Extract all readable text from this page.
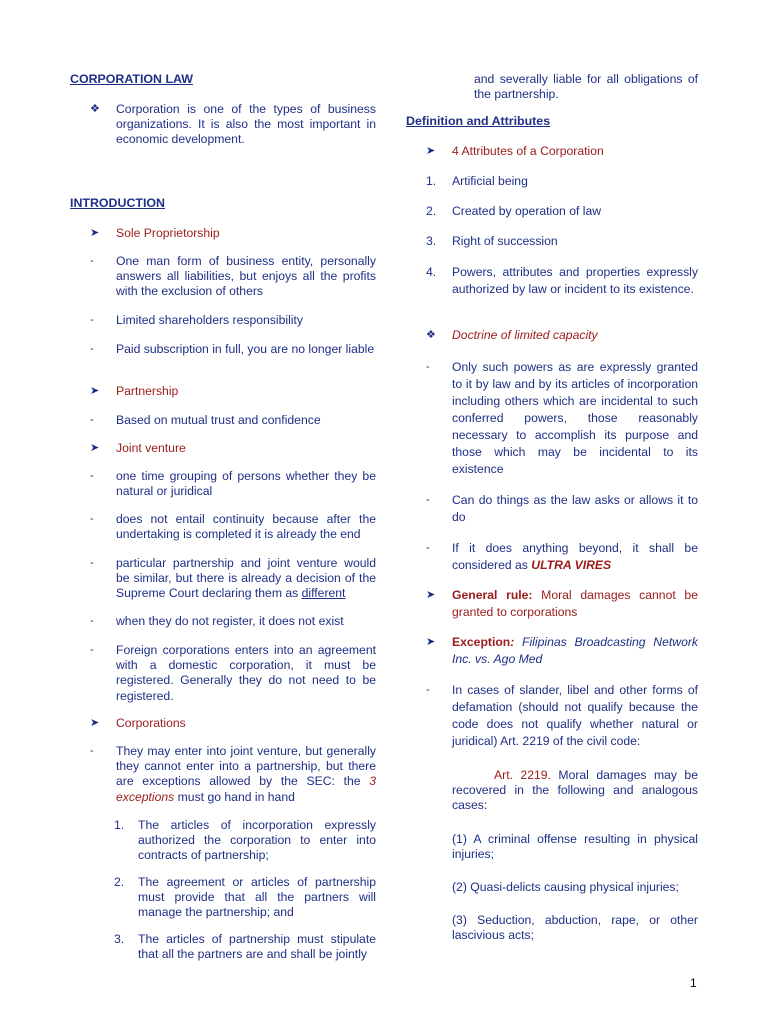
CORPORATION LAW
❖ Corporation is one of the types of business organizations. It is also the most important in economic development.
INTRODUCTION
➤ Sole Proprietorship
- One man form of business entity, personally answers all liabilities, but enjoys all the profits with the exclusion of others
- Limited shareholders responsibility
- Paid subscription in full, you are no longer liable
➤ Partnership
- Based on mutual trust and confidence
➤ Joint venture
- one time grouping of persons whether they be natural or juridical
- does not entail continuity because after the undertaking is completed it is already the end
- particular partnership and joint venture would be similar, but there is already a decision of the Supreme Court declaring them as different
- when they do not register, it does not exist
- Foreign corporations enters into an agreement with a domestic corporation, it must be registered. Generally they do not need to be registered.
➤ Corporations
- They may enter into joint venture, but generally they cannot enter into a partnership, but there are exceptions allowed by the SEC: the 3 exceptions must go hand in hand
1. The articles of incorporation expressly authorized the corporation to enter into contracts of partnership;
2. The agreement or articles of partnership must provide that all the partners will manage the partnership; and
3. The articles of partnership must stipulate that all the partners are and shall be jointly
and severally liable for all obligations of the partnership.
Definition and Attributes
➤ 4 Attributes of a Corporation
1. Artificial being
2. Created by operation of law
3. Right of succession
4. Powers, attributes and properties expressly authorized by law or incident to its existence.
❖ Doctrine of limited capacity
- Only such powers as are expressly granted to it by law and by its articles of incorporation including others which are incidental to such conferred powers, those reasonably necessary to accomplish its purpose and those which may be incidental to its existence
- Can do things as the law asks or allows it to do
- If it does anything beyond, it shall be considered as ULTRA VIRES
➤ General rule: Moral damages cannot be granted to corporations
➤ Exception: Filipinas Broadcasting Network Inc. vs. Ago Med
- In cases of slander, libel and other forms of defamation (should not qualify because the code does not qualify whether natural or juridical) Art. 2219 of the civil code:
Art. 2219. Moral damages may be recovered in the following and analogous cases:
(1) A criminal offense resulting in physical injuries;
(2) Quasi-delicts causing physical injuries;
(3) Seduction, abduction, rape, or other lascivious acts;
1
